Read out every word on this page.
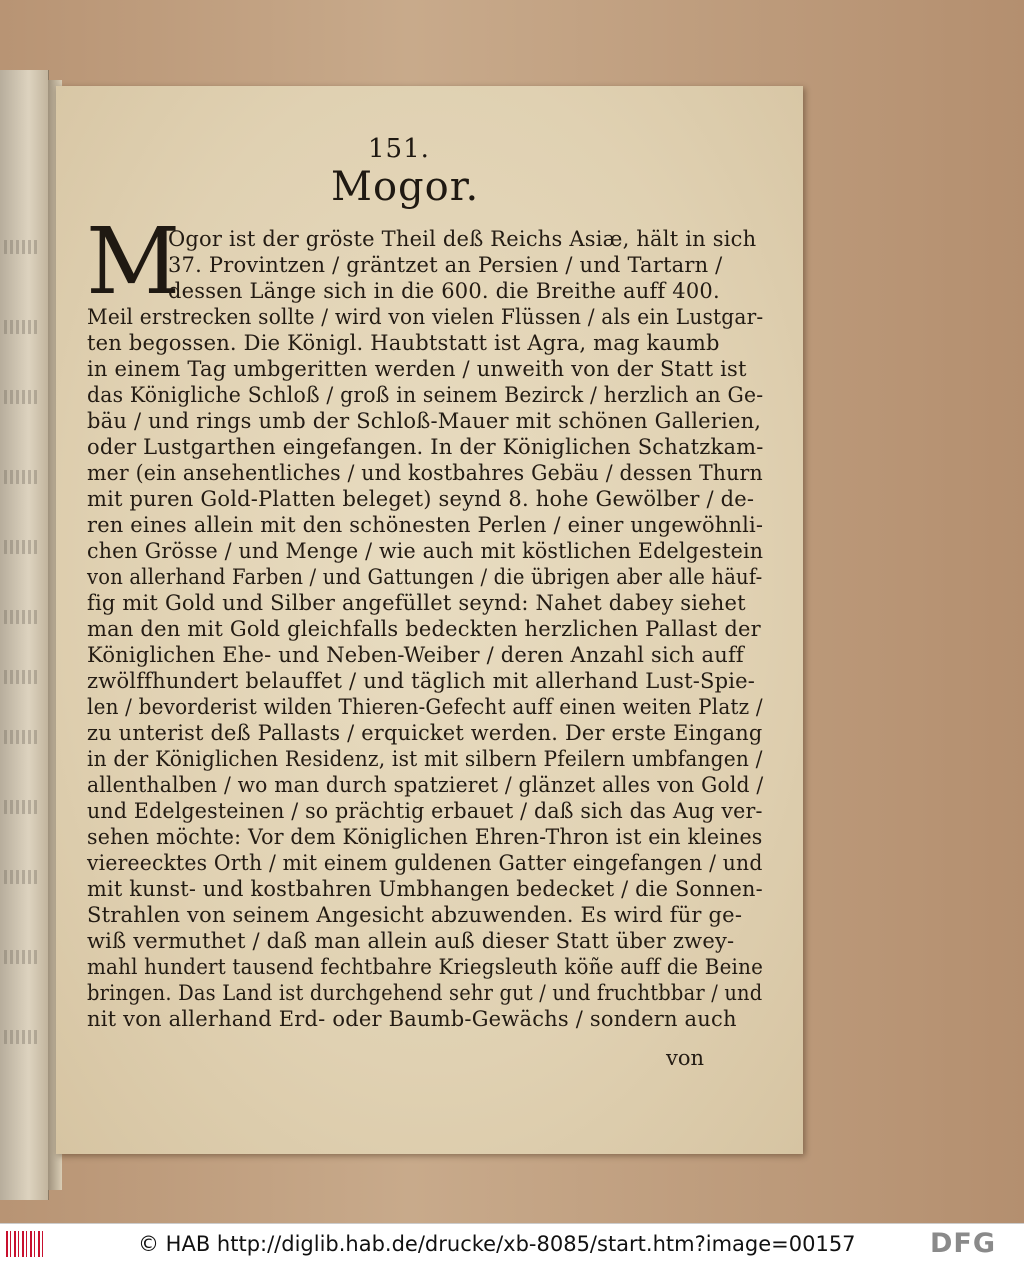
151.
Mogor.
M
Ogor ist der gröste Theil deß Reichs Asiæ, hält in sich
37. Provintzen / gräntzet an Persien / und Tartarn /
dessen Länge sich in die 600. die Breithe auff 400.
Meil erstrecken sollte / wird von vielen Flüssen / als ein Lustgar-
ten begossen. Die Königl. Haubtstatt ist Agra, mag kaumb
in einem Tag umbgeritten werden / unweith von der Statt ist
das Königliche Schloß / groß in seinem Bezirck / herzlich an Ge-
bäu / und rings umb der Schloß-Mauer mit schönen Gallerien,
oder Lustgarthen eingefangen. In der Königlichen Schatzkam-
mer (ein ansehentliches / und kostbahres Gebäu / dessen Thurn
mit puren Gold-Platten beleget) seynd 8. hohe Gewölber / de-
ren eines allein mit den schönesten Perlen / einer ungewöhnli-
chen Grösse / und Menge / wie auch mit köstlichen Edelgestein
von allerhand Farben / und Gattungen / die übrigen aber alle häuf-
fig mit Gold und Silber angefüllet seynd: Nahet dabey siehet
man den mit Gold gleichfalls bedeckten herzlichen Pallast der
Königlichen Ehe- und Neben-Weiber / deren Anzahl sich auff
zwölffhundert belauffet / und täglich mit allerhand Lust-Spie-
len / bevorderist wilden Thieren-Gefecht auff einen weiten Platz /
zu unterist deß Pallasts / erquicket werden. Der erste Eingang
in der Königlichen Residenz, ist mit silbern Pfeilern umbfangen /
allenthalben / wo man durch spatzieret / glänzet alles von Gold /
und Edelgesteinen / so prächtig erbauet / daß sich das Aug ver-
sehen möchte: Vor dem Königlichen Ehren-Thron ist ein kleines
viereecktes Orth / mit einem guldenen Gatter eingefangen / und
mit kunst- und kostbahren Umbhangen bedecket / die Sonnen-
Strahlen von seinem Angesicht abzuwenden. Es wird für ge-
wiß vermuthet / daß man allein auß dieser Statt über zwey-
mahl hundert tausend fechtbahre Kriegsleuth köñe auff die Beine
bringen. Das Land ist durchgehend sehr gut / und fruchtbbar / und
nit von allerhand Erd- oder Baumb-Gewächs / sondern auch
von
© HAB http://diglib.hab.de/drucke/xb-8085/start.htm?image=00157	DFG
